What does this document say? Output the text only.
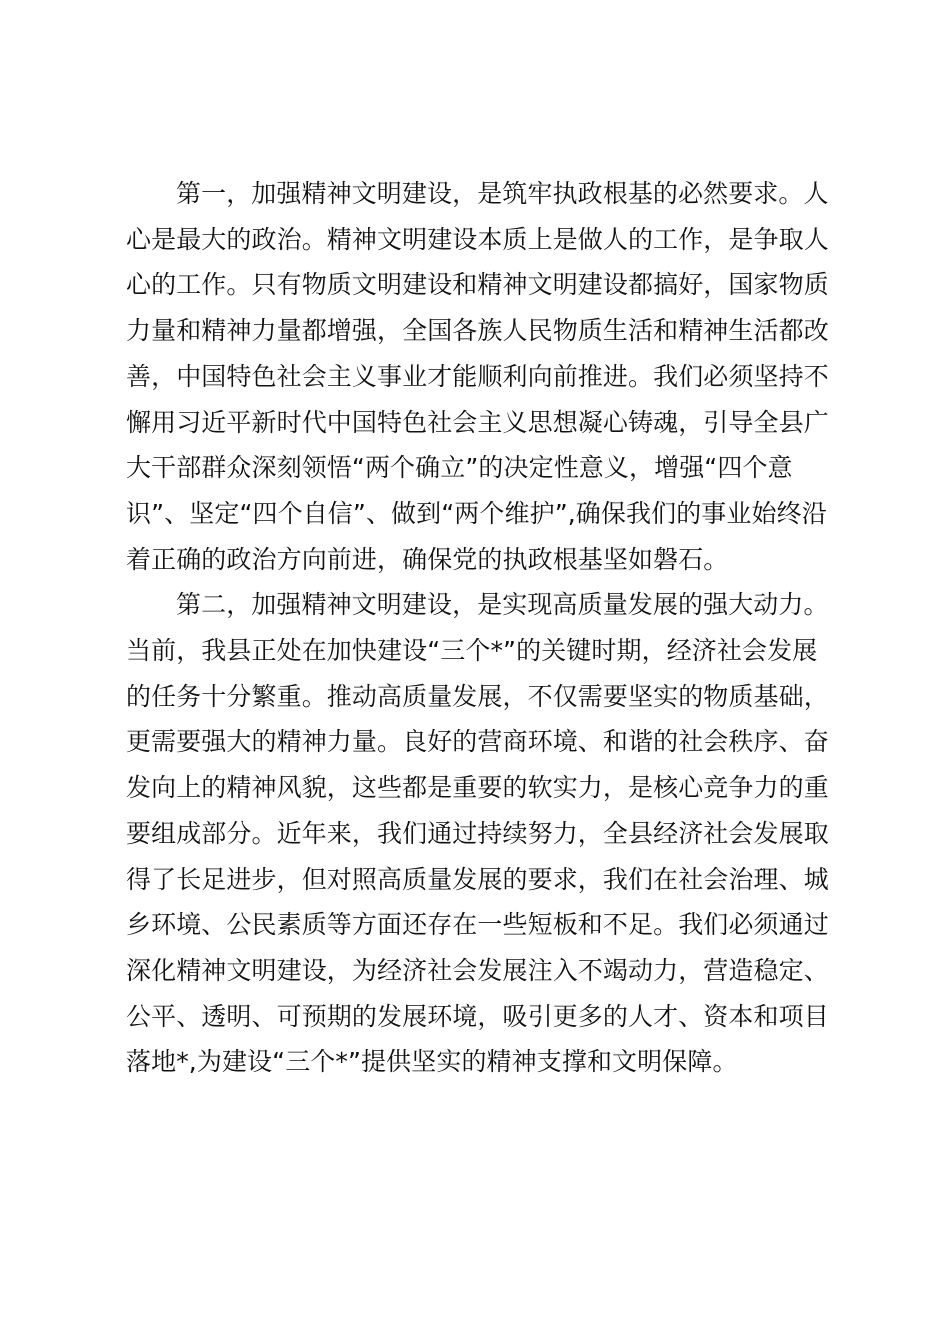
第一，加强精神文明建设，是筑牢执政根基的必然要求。人心是最大的政治。精神文明建设本质上是做人的工作，是争取人心的工作。只有物质文明建设和精神文明建设都搞好，国家物质力量和精神力量都增强，全国各族人民物质生活和精神生活都改善，中国特色社会主义事业才能顺利向前推进。我们必须坚持不懈用习近平新时代中国特色社会主义思想凝心铸魂，引导全县广大干部群众深刻领悟“两个确立”的决定性意义，增强“四个意识”、坚定“四个自信”、做到“两个维护”,确保我们的事业始终沿着正确的政治方向前进，确保党的执政根基坚如磐石。

第二，加强精神文明建设，是实现高质量发展的强大动力。当前，我县正处在加快建设“三个*”的关键时期，经济社会发展的任务十分繁重。推动高质量发展，不仅需要坚实的物质基础，更需要强大的精神力量。良好的营商环境、和谐的社会秩序、奋发向上的精神风貌，这些都是重要的软实力，是核心竞争力的重要组成部分。近年来，我们通过持续努力，全县经济社会发展取得了长足进步，但对照高质量发展的要求，我们在社会治理、城乡环境、公民素质等方面还存在一些短板和不足。我们必须通过深化精神文明建设，为经济社会发展注入不竭动力，营造稳定、公平、透明、可预期的发展环境，吸引更多的人才、资本和项目落地*,为建设“三个*”提供坚实的精神支撑和文明保障。
